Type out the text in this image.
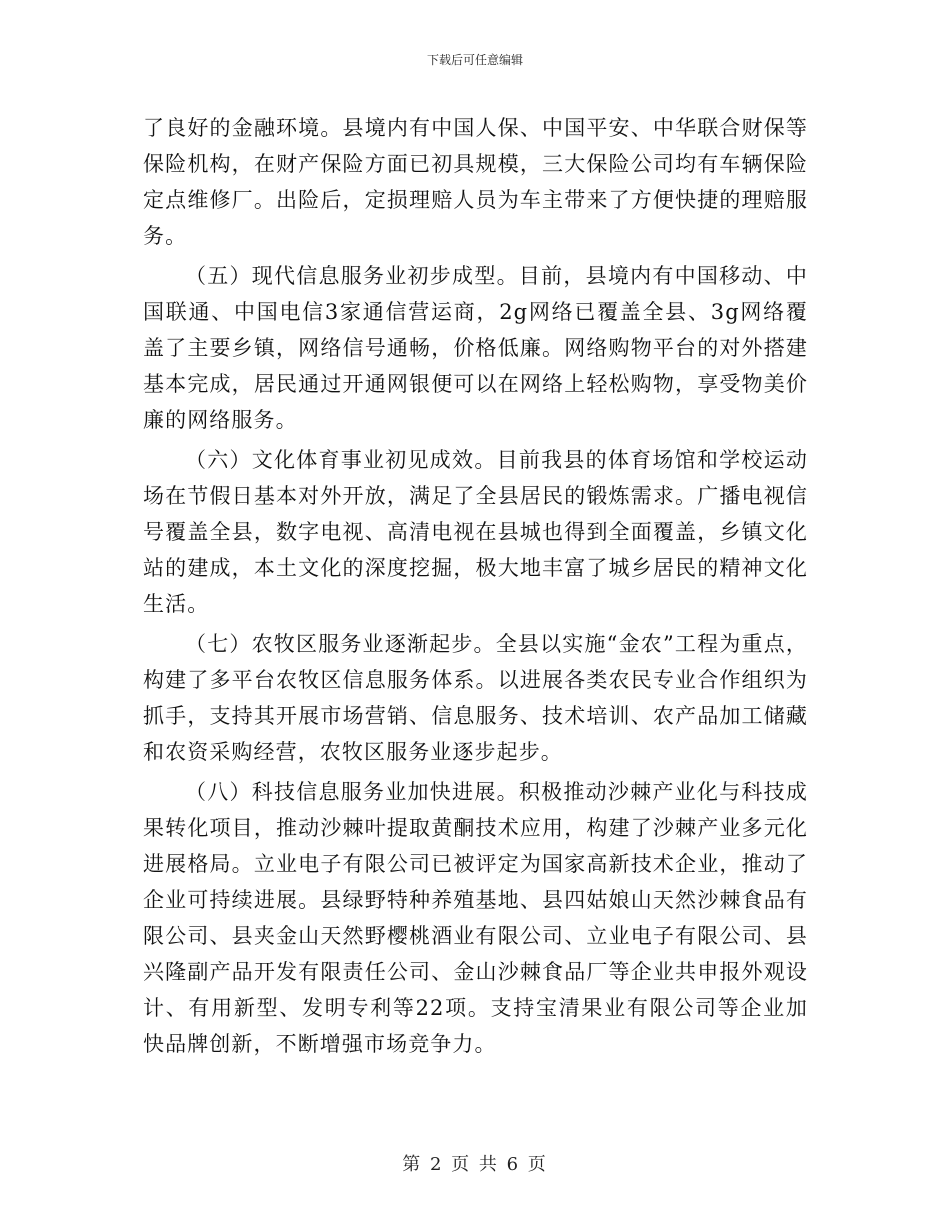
下载后可任意编辑

了良好的金融环境。县境内有中国人保、中国平安、中华联合财保等保险机构，在财产保险方面已初具规模，三大保险公司均有车辆保险定点维修厂。出险后，定损理赔人员为车主带来了方便快捷的理赔服务。

（五）现代信息服务业初步成型。目前，县境内有中国移动、中国联通、中国电信3家通信营运商，2g网络已覆盖全县、3g网络覆盖了主要乡镇，网络信号通畅，价格低廉。网络购物平台的对外搭建基本完成，居民通过开通网银便可以在网络上轻松购物，享受物美价廉的网络服务。

（六）文化体育事业初见成效。目前我县的体育场馆和学校运动场在节假日基本对外开放，满足了全县居民的锻炼需求。广播电视信号覆盖全县，数字电视、高清电视在县城也得到全面覆盖，乡镇文化站的建成，本土文化的深度挖掘，极大地丰富了城乡居民的精神文化生活。

（七）农牧区服务业逐渐起步。全县以实施“金农”工程为重点，构建了多平台农牧区信息服务体系。以进展各类农民专业合作组织为抓手，支持其开展市场营销、信息服务、技术培训、农产品加工储藏和农资采购经营，农牧区服务业逐步起步。

（八）科技信息服务业加快进展。积极推动沙棘产业化与科技成果转化项目，推动沙棘叶提取黄酮技术应用，构建了沙棘产业多元化进展格局。立业电子有限公司已被评定为国家高新技术企业，推动了企业可持续进展。县绿野特种养殖基地、县四姑娘山天然沙棘食品有限公司、县夹金山天然野樱桃酒业有限公司、立业电子有限公司、县兴隆副产品开发有限责任公司、金山沙棘食品厂等企业共申报外观设计、有用新型、发明专利等22项。支持宝清果业有限公司等企业加快品牌创新，不断增强市场竞争力。

第 2 页 共 6 页
